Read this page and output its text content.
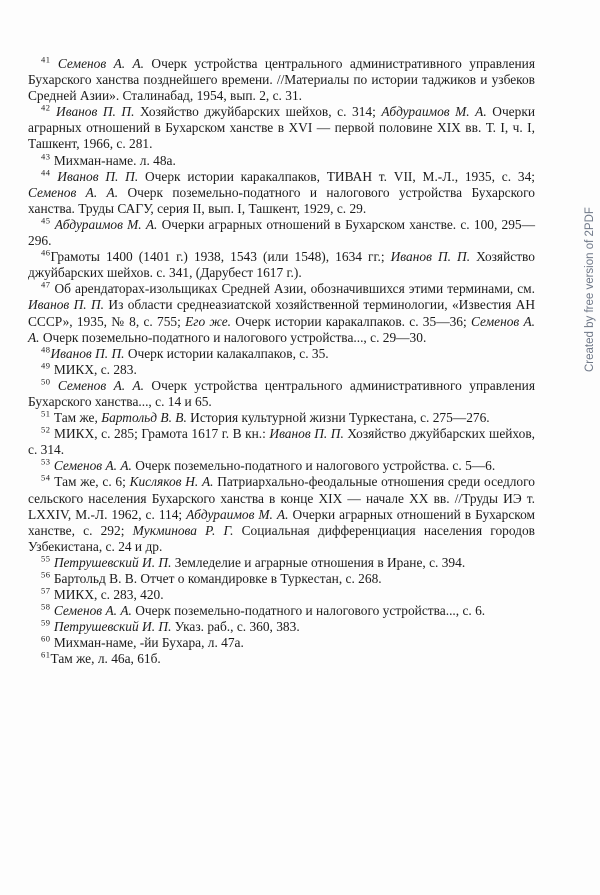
$^{41}$ Семенов А. А. Очерк устройства центрального административного управления Бухарского ханства позднейшего времени. //Материалы по истории таджиков и узбеков Средней Азии». Сталинабад, 1954, вып. 2, с. 31.

$^{42}$ Иванов П. П. Хозяйство джуйбарских шейхов, с. 314; Абдураимов М. А. Очерки аграрных отношений в Бухарском ханстве в XVI — первой половине XIX вв. Т. I, ч. I, Ташкент, 1966, с. 281.

$^{43}$ Михман-наме. л. 48а.

$^{44}$ Иванов П. П. Очерк истории каракалпаков, ТИВАН т. VII, М.-Л., 1935, с. 34; Семенов А. А. Очерк поземельно-податного и налогового устройства Бухарского ханства. Труды САГУ, серия II, вып. I, Ташкент, 1929, с. 29.

$^{45}$ Абдураимов М. А. Очерки аграрных отношений в Бухарском ханстве. с. 100, 295—296.

$^{46}$Грамоты 1400 (1401 г.) 1938, 1543 (или 1548), 1634 гг.; Иванов П. П. Хозяйство джуйбарских шейхов. с. 341, (Дарубест 1617 г.).

$^{47}$ Об арендаторах-изольщиках Средней Азии, обозначившихся этими терминами, см. Иванов П. П. Из области среднеазиатской хозяйственной терминологии, «Известия АН СССР», 1935, № 8, с. 755; Его же. Очерк истории каракалпаков. с. 35—36; Семенов А. А. Очерк поземельно-податного и налогового устройства..., с. 29—30.

$^{48}$Иванов П. П. Очерк истории калакалпаков, с. 35.

$^{49}$ МИКХ, с. 283.

$^{50}$ Семенов А. А. Очерк устройства центрального административного управления Бухарского ханства..., с. 14 и 65.

$^{51}$ Там же, Бартольд В. В. История культурной жизни Туркестана, с. 275—276.

$^{52}$ МИКХ, с. 285; Грамота 1617 г. В кн.: Иванов П. П. Хозяйство джуйбарских шейхов, с. 314.

$^{53}$ Семенов А. А. Очерк поземельно-податного и налогового устройства. с. 5—6.

$^{54}$ Там же, с. 6; Кисляков Н. А. Патриархально-феодальные отношения среди оседлого сельского населения Бухарского ханства в конце XIX — начале XX вв. //Труды ИЭ т. LXXIV, М.-Л. 1962, с. 114; Абдураимов М. А. Очерки аграрных отношений в Бухарском ханстве, с. 292; Мукминова Р. Г. Социальная дифференциация населения городов Узбекистана, с. 24 и др.

$^{55}$ Петрушевский И. П. Земледелие и аграрные отношения в Иране, с. 394.

$^{56}$ Бартольд В. В. Отчет о командировке в Туркестан, с. 268.

$^{57}$ МИКХ, с. 283, 420.

$^{58}$ Семенов А. А. Очерк поземельно-податного и налогового устройства..., с. 6.

$^{59}$ Петрушевский И. П. Указ. раб., с. 360, 383.

$^{60}$ Михман-наме, -йи Бухара, л. 47а.

$^{61}$Там же, л. 46а, 61б.

Created by free version of 2PDF
